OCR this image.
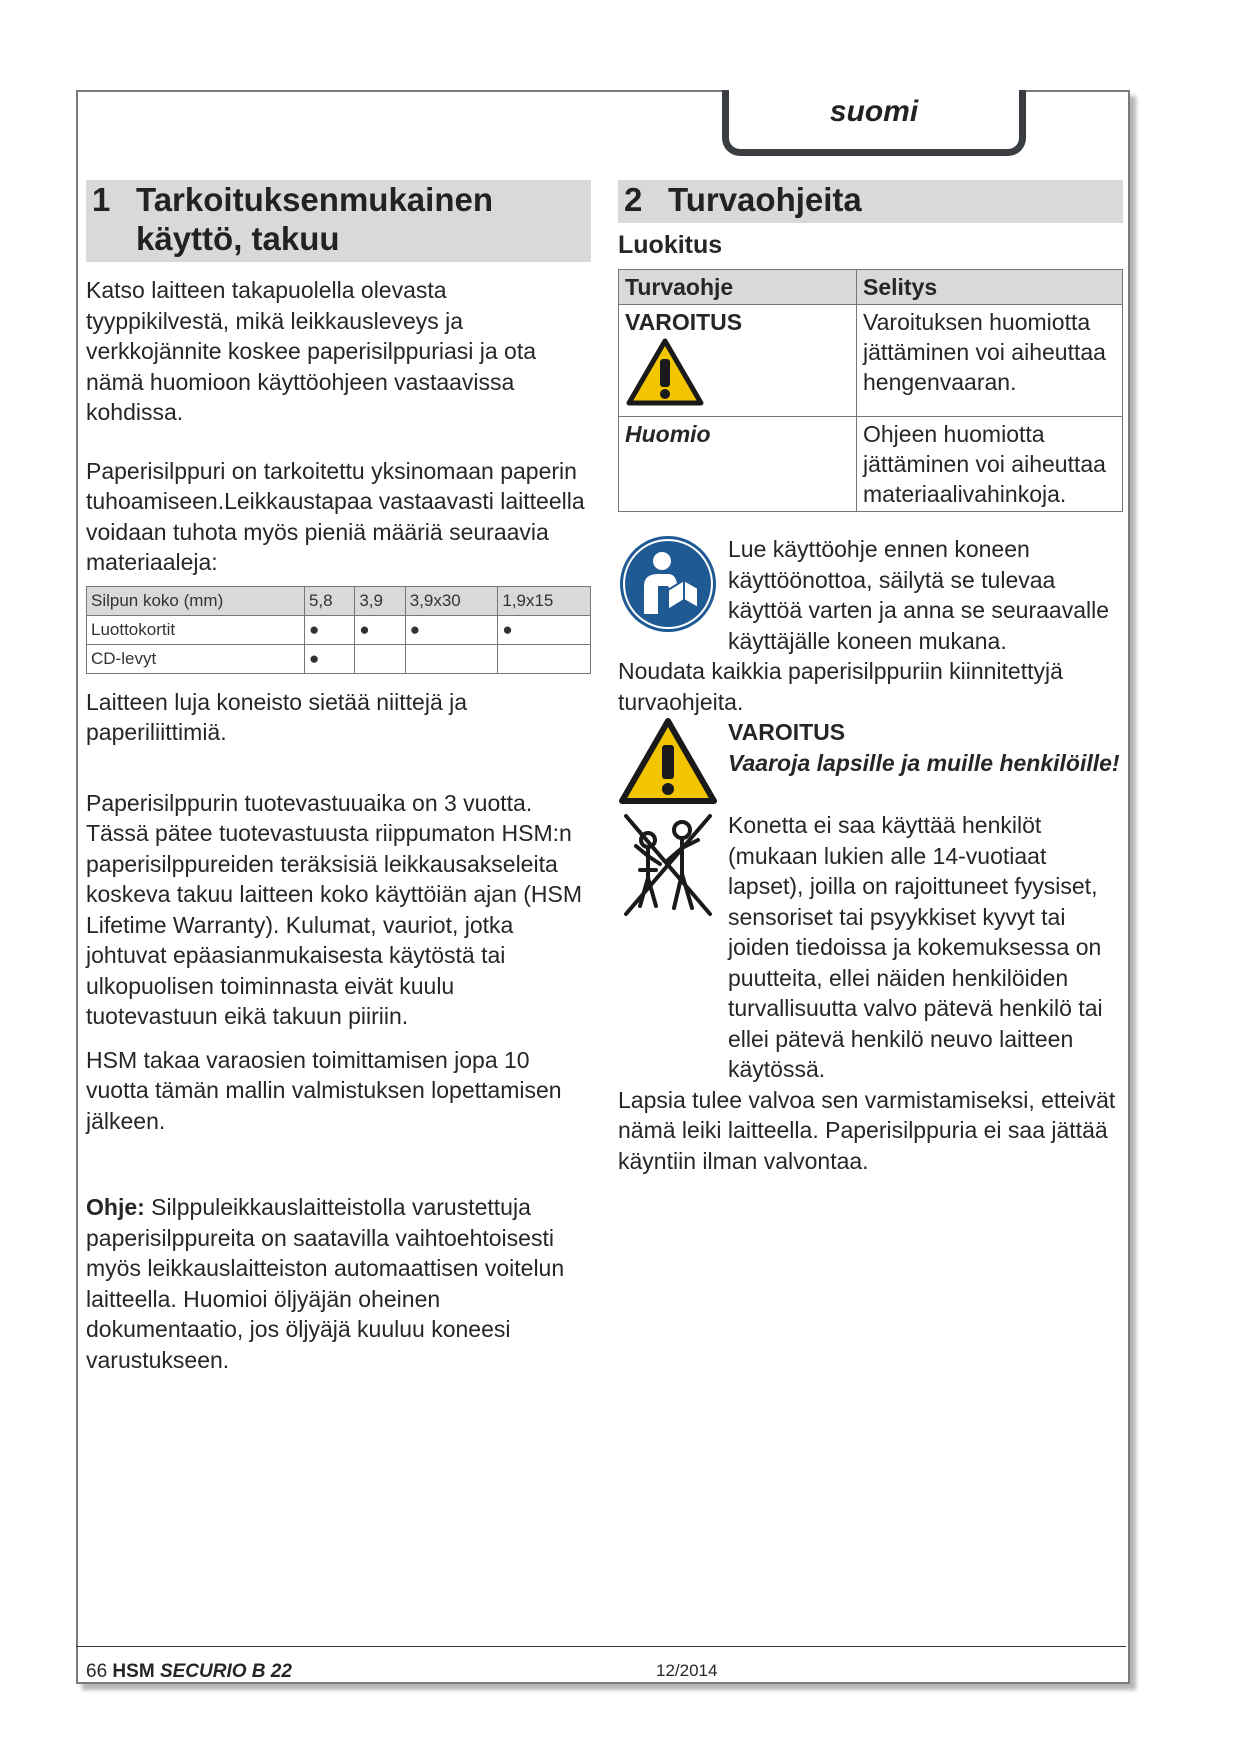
suomi
1 Tarkoituksenmukainen käyttö, takuu

Katso laitteen takapuolella olevasta tyyppikilvestä, mikä leikkausleveys ja verkkojännite koskee paperisilppuriasi ja ota nämä huomioon käyttöohjeen vastaavissa kohdissa.

Paperisilppuri on tarkoitettu yksinomaan paperin tuhoamiseen.Leikkaustapaa vastaavasti laitteella voidaan tuhota myös pieniä määriä seuraavia materiaaleja:

Silpun koko (mm)	5,8	3,9	3,9x30	1,9x15
Luottokortit	●	●	●	●
CD-levyt	●			

Laitteen luja koneisto sietää niittejä ja paperiliittimiä.

Paperisilppurin tuotevastuuaika on 3 vuotta. Tässä pätee tuotevastuusta riippumaton HSM:n paperisilppureiden teräksisiä leikkausakseleita koskeva takuu laitteen koko käyttöiän ajan (HSM Lifetime Warranty). Kulumat, vauriot, jotka johtuvat epäasianmukaisesta käytöstä tai ulkopuolisen toiminnasta eivät kuulu tuotevastuun eikä takuun piiriin.

HSM takaa varaosien toimittamisen jopa 10 vuotta tämän mallin valmistuksen lopettamisen jälkeen.

Ohje: Silppuleikkauslaitteistolla varustettuja paperisilppureita on saatavilla vaihtoehtoisesti myös leikkauslaitteiston automaattisen voitelun laitteella. Huomioi öljyäjän oheinen dokumentaatio, jos öljyäjä kuuluu koneesi varustukseen.

2 Turvaohjeita
Luokitus
Turvaohje	Selitys

VAROITUS	Varoituksen huomiotta jättäminen voi aiheuttaa hengenvaaran.
Huomio	Ohjeen huomiotta jättäminen voi aiheuttaa materiaalivahinkoja.

Lue käyttöohje ennen koneen käyttöönottoa, säilytä se tulevaa käyttöä varten ja anna se seuraavalle käyttäjälle koneen mukana.

Noudata kaikkia paperisilppuriin kiinnitettyjä turvaohjeita.

VAROITUS

Vaaroja lapsille ja muille henkilöille!

Konetta ei saa käyttää henkilöt (mukaan lukien alle 14-vuotiaat lapset), joilla on rajoittuneet fyysiset, sensoriset tai psyykkiset kyvyt tai joiden tiedoissa ja kokemuksessa on puutteita, ellei näiden henkilöiden turvallisuutta valvo pätevä henkilö tai ellei pätevä henkilö neuvo laitteen käytössä.

Lapsia tulee valvoa sen varmistamiseksi, etteivät nämä leiki laitteella. Paperisilppuria ei saa jättää käyntiin ilman valvontaa.

66 HSM SECURIO B 22	12/2014
